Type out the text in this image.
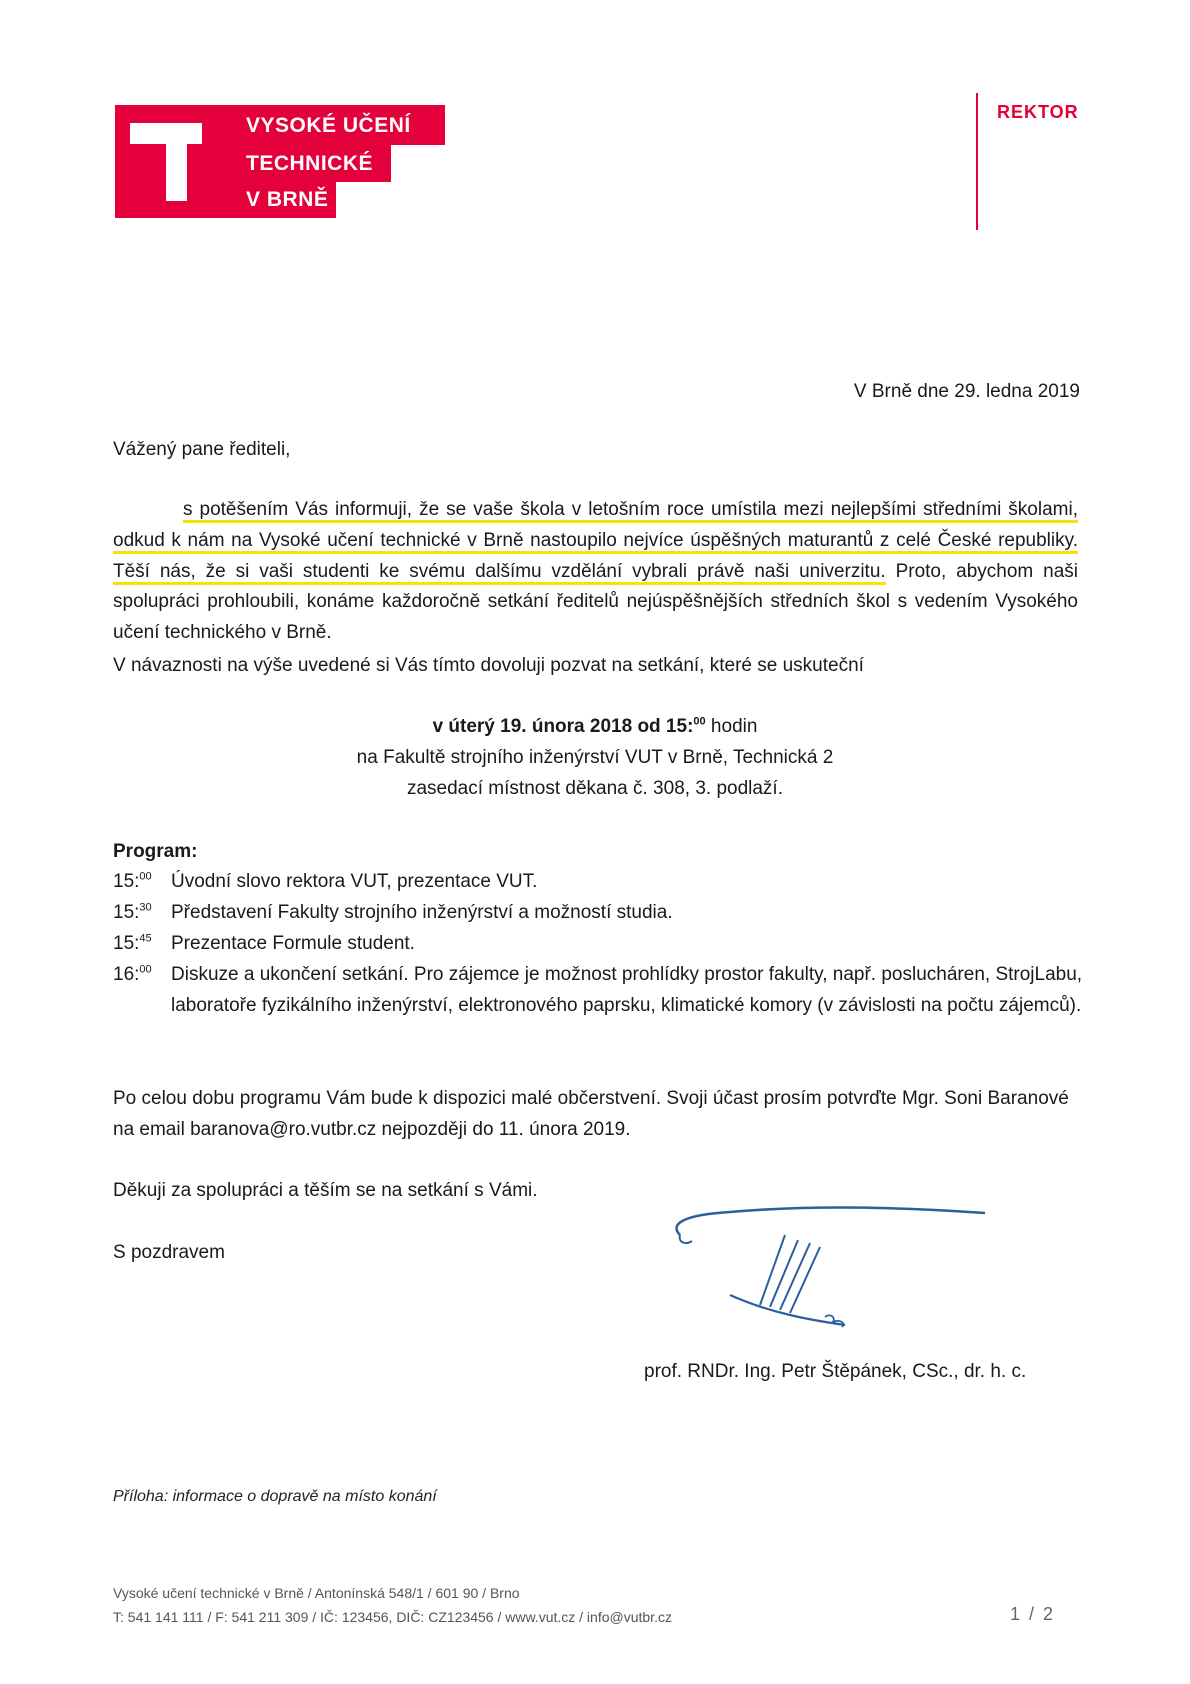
VYSOKÉ UČENÍ
TECHNICKÉ
V BRNĚ
REKTOR
V Brně dne 29. ledna 2019
Vážený pane řediteli,
s potěšením Vás informuji, že se vaše škola v letošním roce umístila mezi nejlepšími středními školami, odkud k nám na Vysoké učení technické v Brně nastoupilo nejvíce úspěšných maturantů z celé České republiky. Těší nás, že si vaši studenti ke svému dalšímu vzdělání vybrali právě naši univerzitu. Proto, abychom naši spolupráci prohloubili, konáme každoročně setkání ředitelů nejúspěšnějších středních škol s vedením Vysokého učení technického v Brně.
V návaznosti na výše uvedené si Vás tímto dovoluji pozvat na setkání, které se uskuteční
v úterý 19. února 2018 od 15:$^{00}$ hodin
na Fakultě strojního inženýrství VUT v Brně, Technická 2
zasedací místnost děkana č. 308, 3. podlaží.
Program:
15:$^{00}$ Úvodní slovo rektora VUT, prezentace VUT.
15:$^{30}$ Představení Fakulty strojního inženýrství a možností studia.
15:$^{45}$ Prezentace Formule student.
16:$^{00}$ Diskuze a ukončení setkání. Pro zájemce je možnost prohlídky prostor fakulty, např. poslucháren, StrojLabu, laboratoře fyzikálního inženýrství, elektronového paprsku, klimatické komory (v závislosti na počtu zájemců).
Po celou dobu programu Vám bude k dispozici malé občerstvení. Svoji účast prosím potvrďte Mgr. Soni Baranové na email baranova@ro.vutbr.cz nejpozději do 11. února 2019.
Děkuji za spolupráci a těším se na setkání s Vámi.
S pozdravem
prof. RNDr. Ing. Petr Štěpánek, CSc., dr. h. c.
Příloha: informace o dopravě na místo konání
Vysoké učení technické v Brně / Antonínská 548/1 / 601 90 / Brno
T: 541 141 111 / F: 541 211 309 / IČ: 123456, DIČ: CZ123456 / www.vut.cz / info@vutbr.cz	1 / 2
